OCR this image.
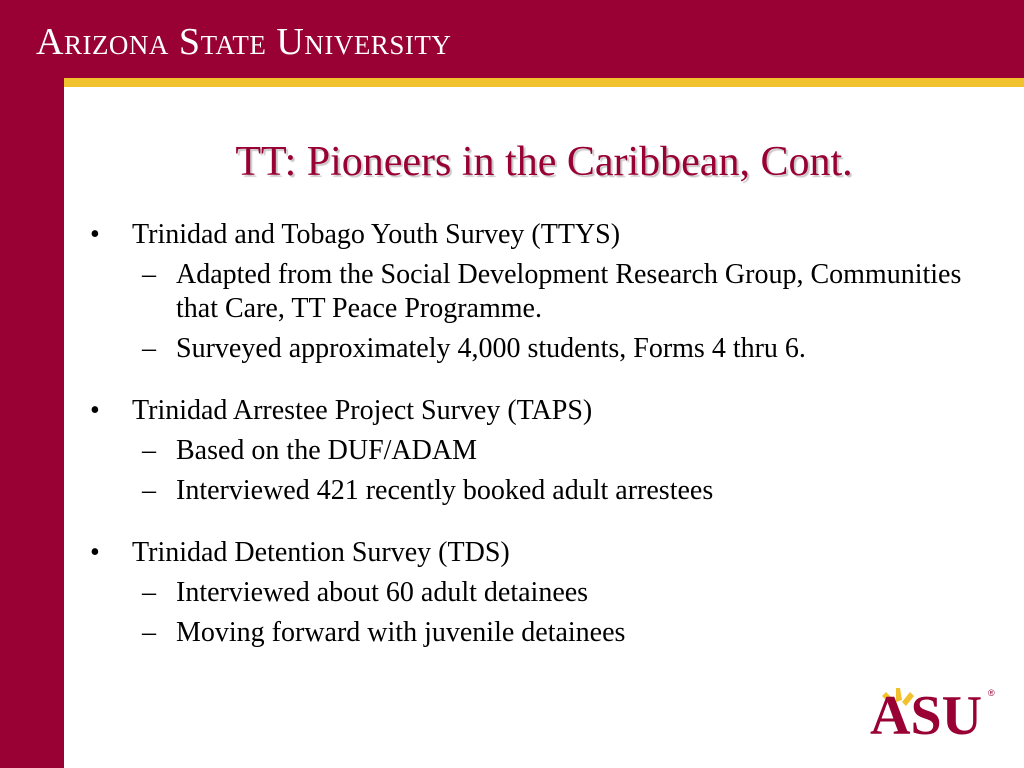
Arizona State University
TT: Pioneers in the Caribbean, Cont.
•	Trinidad and Tobago Youth Survey (TTYS)
– Adapted from the Social Development Research Group, Communities that Care, TT Peace Programme.
– Surveyed approximately 4,000 students, Forms 4 thru 6.
•	Trinidad Arrestee Project Survey (TAPS)
– Based on the DUF/ADAM
– Interviewed 421 recently booked adult arrestees
•	Trinidad Detention Survey (TDS)
– Interviewed about 60 adult detainees
– Moving forward with juvenile detainees
ASU ®
